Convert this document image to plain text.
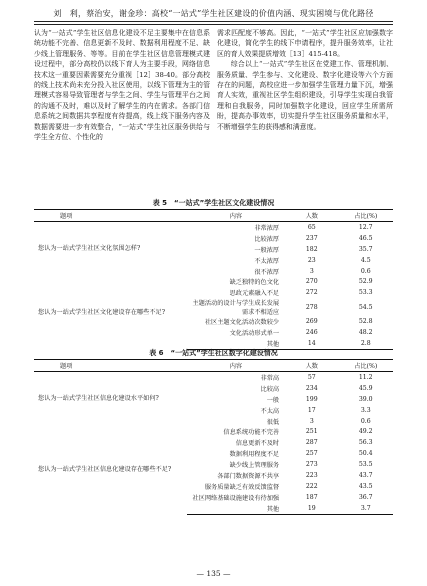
刘　利，蔡治安，谢金珍：高校“一站式”学生社区建设的价值内涵、现实困境与优化路径

认为“一站式”学生社区信息化建设不足主要集中在信息系统功能不完善、信息更新不及时、数据利用程度不足、缺少线上管理服务、等等。目前在学生社区信息管理模式建设过程中，部分高校仍以线下育人为主要手段，网络信息技术这一重要因素需要充分重视［12］38-40。部分高校的线上技术尚未充分投入社区使用，以线下管理为主的管理模式容易导致管理者与学生之间、学生与管理平台之间的沟通不及时，难以及时了解学生的内在需求。各部门信息系统之间数据共享程度有待提高，线上线下服务内容及数据需要进一步有效整合，“一站式”学生社区服务供给与学生全方位、个性化的

需求匹配度不够高。因此，“一站式”学生社区应加强数字化建设，简化学生的线下申请程序，提升服务效率，让社区的育人效果提质增效［13］415-418。

综合以上“一站式”学生社区在党建工作、管理机制、服务质量、学生参与、文化建设、数字化建设等六个方面存在的问题，高校应进一步加强学生管理力量下沉，增强育人实效，重视社区学生组织建设，引导学生实现自我管理和自我服务，同时加强数字化建设，回应学生所需所盼，提高办事效率，切实提升学生社区服务质量和水平，不断增强学生的获得感和满意度。

表 5　“一站式”学生社区文化建设情况
题项	内容	人数	占比(%)
您认为一站式学生社区文化氛围怎样?	非常浓厚	65	12.7
	比较浓厚	237	46.5
	一般浓厚	182	35.7
	不太浓厚	23	4.5
	很不浓厚	3	0.6
您认为一站式学生社区文化建设存在哪些不足?	缺乏独特的色文化	270	52.9
	思政元素融入不足	272	53.3
	主题活动的设计与学生成长发展需求不相适应	278	54.5
	社区主题文化活动次数较少	269	52.8
	文化活动形式单一	246	48.2
	其他	14	2.8
表 6　“一站式”学生社区数字化建设情况
题项	内容	人数	占比(%)
您认为一站式学生社区信息化建设水平如何?	非常高	57	11.2
	比较高	234	45.9
	一般	199	39.0
	不太高	17	3.3
	很低	3	0.6
您认为一站式学生社区信息化建设存在哪些不足?	信息系统功能不完善	251	49.2
	信息更新不及时	287	56.3
	数据利用程度不足	257	50.4
	缺少线上管理服务	273	53.5
	各部门数据资源不共享	223	43.7
	服务质量缺乏有效反馈监督	222	43.5
	社区网络基础设施建设有待加强	187	36.7
	其他	19	3.7
— 135 —
